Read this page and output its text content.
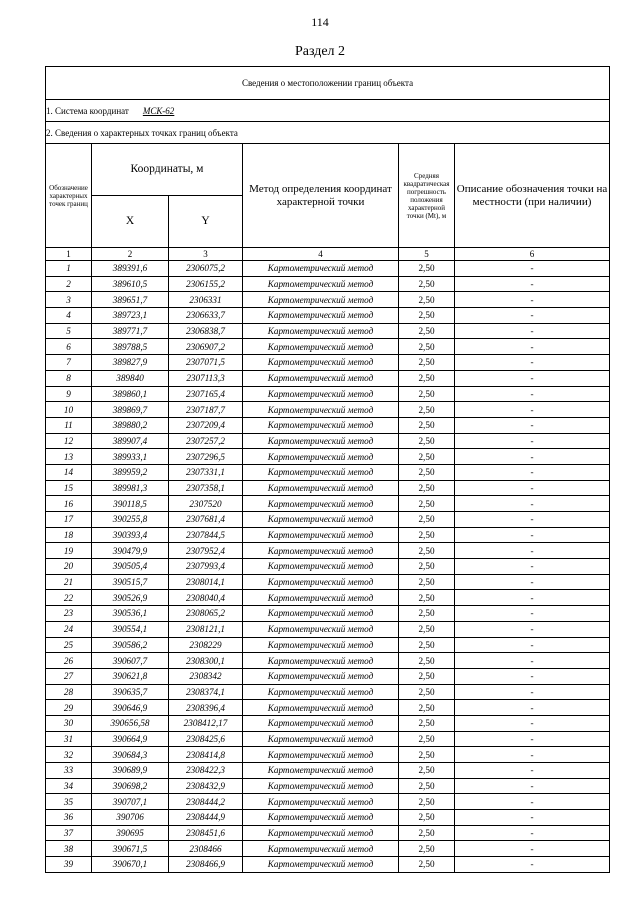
114
Раздел 2
Сведения о местоположении границ объекта					
1. Система координат МСК-62					
2. Сведения о характерных точках границ объекта					
Обозначение характерных точек границ	Координаты, м		Метод определения координат характерной точки	Средняя квадратическая погрешность положения характерной точки (Mt), м	Описание обозначения точки на местности (при наличии)
	X	Y			
1	2	3	4	5	6
1	389391,6	2306075,2	Картометрический метод	2,50	-
2	389610,5	2306155,2	Картометрический метод	2,50	-
3	389651,7	2306331	Картометрический метод	2,50	-
4	389723,1	2306633,7	Картометрический метод	2,50	-
5	389771,7	2306838,7	Картометрический метод	2,50	-
6	389788,5	2306907,2	Картометрический метод	2,50	-
7	389827,9	2307071,5	Картометрический метод	2,50	-
8	389840	2307113,3	Картометрический метод	2,50	-
9	389860,1	2307165,4	Картометрический метод	2,50	-
10	389869,7	2307187,7	Картометрический метод	2,50	-
11	389880,2	2307209,4	Картометрический метод	2,50	-
12	389907,4	2307257,2	Картометрический метод	2,50	-
13	389933,1	2307296,5	Картометрический метод	2,50	-
14	389959,2	2307331,1	Картометрический метод	2,50	-
15	389981,3	2307358,1	Картометрический метод	2,50	-
16	390118,5	2307520	Картометрический метод	2,50	-
17	390255,8	2307681,4	Картометрический метод	2,50	-
18	390393,4	2307844,5	Картометрический метод	2,50	-
19	390479,9	2307952,4	Картометрический метод	2,50	-
20	390505,4	2307993,4	Картометрический метод	2,50	-
21	390515,7	2308014,1	Картометрический метод	2,50	-
22	390526,9	2308040,4	Картометрический метод	2,50	-
23	390536,1	2308065,2	Картометрический метод	2,50	-
24	390554,1	2308121,1	Картометрический метод	2,50	-
25	390586,2	2308229	Картометрический метод	2,50	-
26	390607,7	2308300,1	Картометрический метод	2,50	-
27	390621,8	2308342	Картометрический метод	2,50	-
28	390635,7	2308374,1	Картометрический метод	2,50	-
29	390646,9	2308396,4	Картометрический метод	2,50	-
30	390656,58	2308412,17	Картометрический метод	2,50	-
31	390664,9	2308425,6	Картометрический метод	2,50	-
32	390684,3	2308414,8	Картометрический метод	2,50	-
33	390689,9	2308422,3	Картометрический метод	2,50	-
34	390698,2	2308432,9	Картометрический метод	2,50	-
35	390707,1	2308444,2	Картометрический метод	2,50	-
36	390706	2308444,9	Картометрический метод	2,50	-
37	390695	2308451,6	Картометрический метод	2,50	-
38	390671,5	2308466	Картометрический метод	2,50	-
39	390670,1	2308466,9	Картометрический метод	2,50	-
